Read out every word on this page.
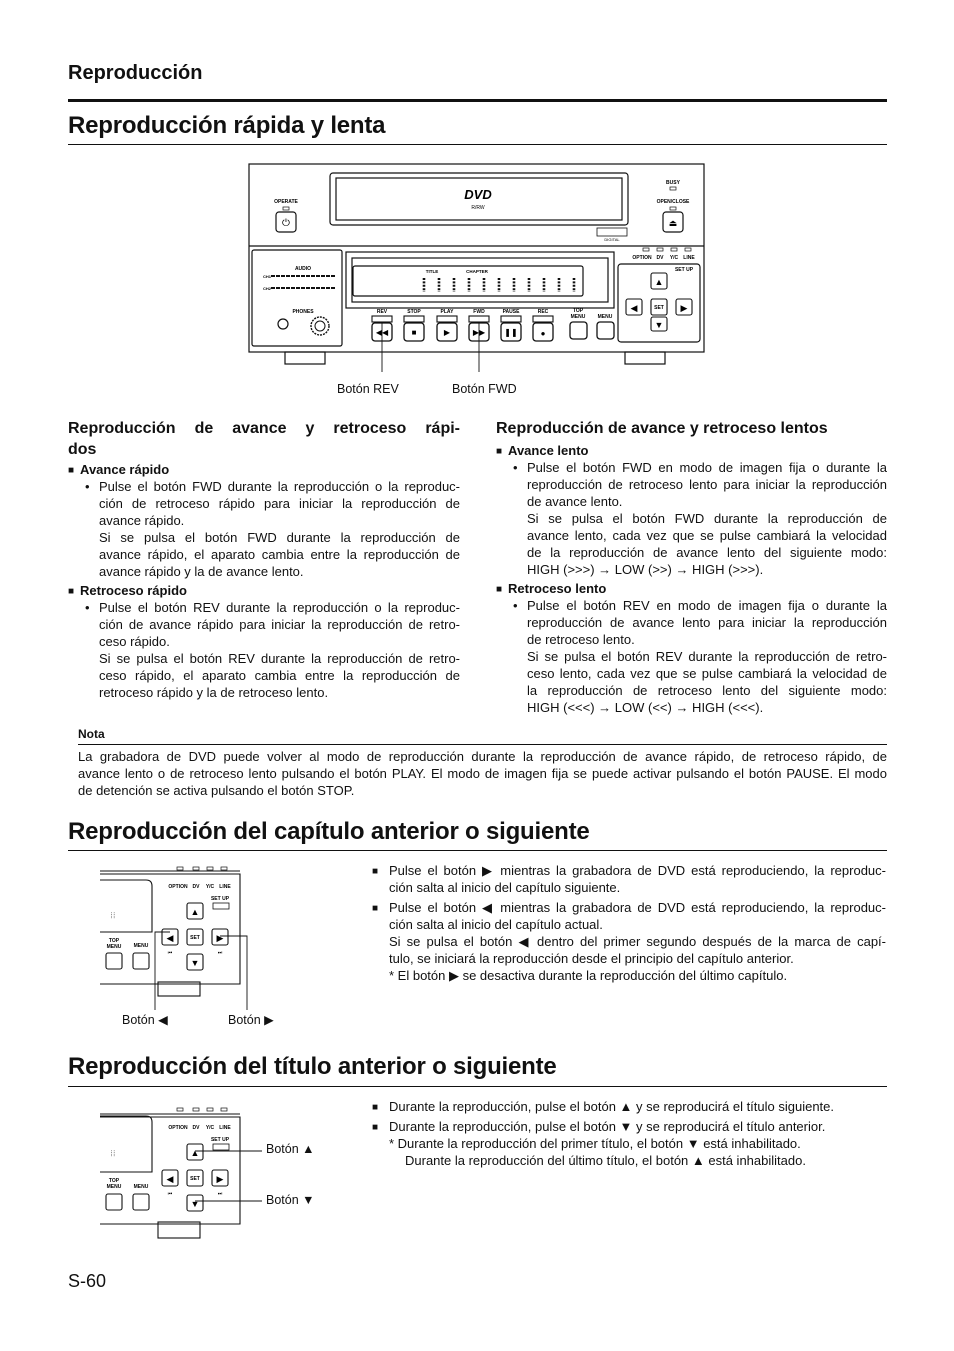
Reproducción
Reproducción rápida y lenta
DVD
R/RW
DIGITAL
OPERATE
⏻
BUSY
OPEN/CLOSE
⏏
OPTION DV Y/C LINE
SET UP
▲
SET
▼
◀	▶
AUDIO
CH1
CH2
PHONES
TITLE	CHAPTER
REV	STOP	PLAY	FWD	PAUSE	REC	TOP
MENU MENU
◀◀	■	▶	▶▶ ❚❚	●
Botón REV	Botón FWD
Reproducción de avance y retroceso rápi-
dos
■ Avance rápido
• Pulse el botón FWD durante la reproducción o la reproduc-
ción de retroceso rápido para iniciar la reproducción de
avance rápido.
Si se pulsa el botón FWD durante la reproducción de
avance rápido, el aparato cambia entre la reproducción de
avance rápido y la de avance lento.
■ Retroceso rápido
• Pulse el botón REV durante la reproducción o la reproduc-
ción de avance rápido para iniciar la reproducción de retro-
ceso rápido.
Si se pulsa el botón REV durante la reproducción de retro-
ceso rápido, el aparato cambia entre la reproducción de
retroceso rápido y la de retroceso lento.
Reproducción de avance y retroceso lentos
■ Avance lento
• Pulse el botón FWD en modo de imagen fija o durante la
reproducción de retroceso lento para iniciar la reproducción
de avance lento.
Si se pulsa el botón FWD durante la reproducción de
avance lento, cada vez que se pulse cambiará la velocidad
de la reproducción de avance lento del siguiente modo:
HIGH (>>>) → LOW (>>) → HIGH (>>>).
■ Retroceso lento
• Pulse el botón REV en modo de imagen fija o durante la
reproducción de avance lento para iniciar la reproducción
de retroceso lento.
Si se pulsa el botón REV durante la reproducción de retro-
ceso lento, cada vez que se pulse cambiará la velocidad de
la reproducción de retroceso lento del siguiente modo:
HIGH (<<<) → LOW (<<) → HIGH (<<<).
Nota
La grabadora de DVD puede volver al modo de reproducción durante la reproducción de avance rápido, de retroceso rápido, de
avance lento o de retroceso lento pulsando el botón PLAY. El modo de imagen fija se puede activar pulsando el botón PAUSE. El modo
de detención se activa pulsando el botón STOP.
Reproducción del capítulo anterior o siguiente
::::
OPTION DV Y/C LINE
SET UP
SET
TOP
MENU MENU
▲
▼
◀	▶
⏮	⏭
Botón ◀	Botón ▶
■ Pulse el botón ▶ mientras la grabadora de DVD está reproduciendo, la reproduc-
ción salta al inicio del capítulo siguiente.
■ Pulse el botón ◀ mientras la grabadora de DVD está reproduciendo, la reproduc-
ción salta al inicio del capítulo actual.
Si se pulsa el botón ◀ dentro del primer segundo después de la marca de capí-
tulo, se iniciará la reproducción desde el principio del capítulo anterior.
* El botón ▶ se desactiva durante la reproducción del último capítulo.
Reproducción del título anterior o siguiente
::::
OPTION DV Y/C LINE
SET UP
SET
TOP
MENU MENU
▲
▼
◀	▶
⏮	⏭
Botón ▲
Botón ▼
■ Durante la reproducción, pulse el botón ▲ y se reproducirá el título siguiente.
■ Durante la reproducción, pulse el botón ▼ y se reproducirá el título anterior.
* Durante la reproducción del primer título, el botón ▼ está inhabilitado.
Durante la reproducción del último título, el botón ▲ está inhabilitado.
S-60
